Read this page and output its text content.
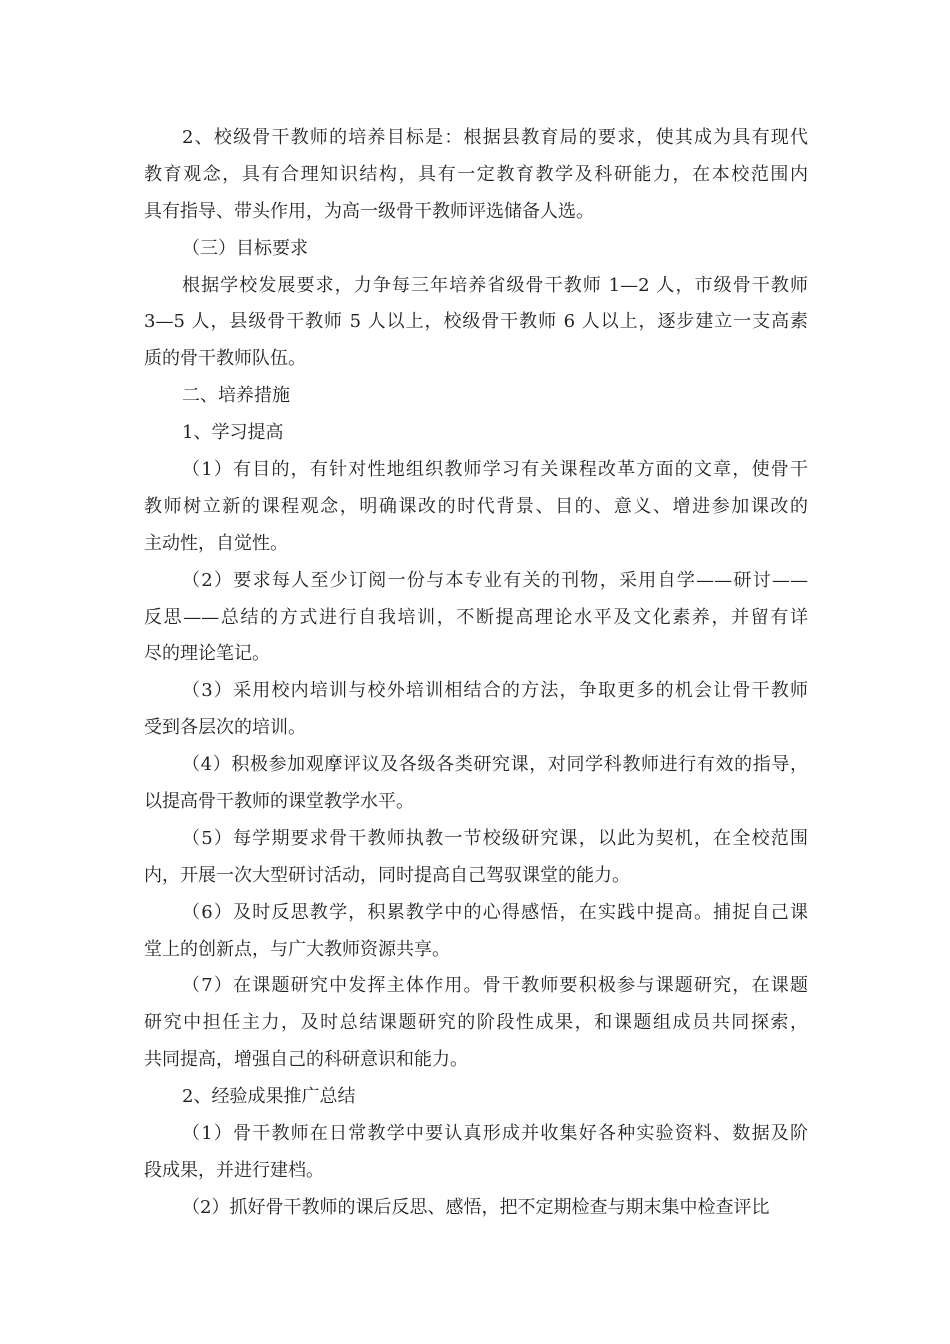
2、校级骨干教师的培养目标是：根据县教育局的要求，使其成为具有现代
教育观念，具有合理知识结构，具有一定教育教学及科研能力，在本校范围内
具有指导、带头作用，为高一级骨干教师评选储备人选。
（三）目标要求
根据学校发展要求，力争每三年培养省级骨干教师 1—2 人，市级骨干教师
3—5 人，县级骨干教师 5 人以上，校级骨干教师 6 人以上，逐步建立一支高素
质的骨干教师队伍。
二、培养措施
1、学习提高
（1）有目的，有针对性地组织教师学习有关课程改革方面的文章，使骨干
教师树立新的课程观念，明确课改的时代背景、目的、意义、增进参加课改的
主动性，自觉性。
（2）要求每人至少订阅一份与本专业有关的刊物，采用自学——研讨——
反思——总结的方式进行自我培训，不断提高理论水平及文化素养，并留有详
尽的理论笔记。
（3）采用校内培训与校外培训相结合的方法，争取更多的机会让骨干教师
受到各层次的培训。
（4）积极参加观摩评议及各级各类研究课，对同学科教师进行有效的指导，
以提高骨干教师的课堂教学水平。
（5）每学期要求骨干教师执教一节校级研究课，以此为契机，在全校范围
内，开展一次大型研讨活动，同时提高自己驾驭课堂的能力。
（6）及时反思教学，积累教学中的心得感悟，在实践中提高。捕捉自己课
堂上的创新点，与广大教师资源共享。
（7）在课题研究中发挥主体作用。骨干教师要积极参与课题研究，在课题
研究中担任主力，及时总结课题研究的阶段性成果，和课题组成员共同探索，
共同提高，增强自己的科研意识和能力。
2、经验成果推广总结
（1）骨干教师在日常教学中要认真形成并收集好各种实验资料、数据及阶
段成果，并进行建档。
（2）抓好骨干教师的课后反思、感悟，把不定期检查与期末集中检查评比
